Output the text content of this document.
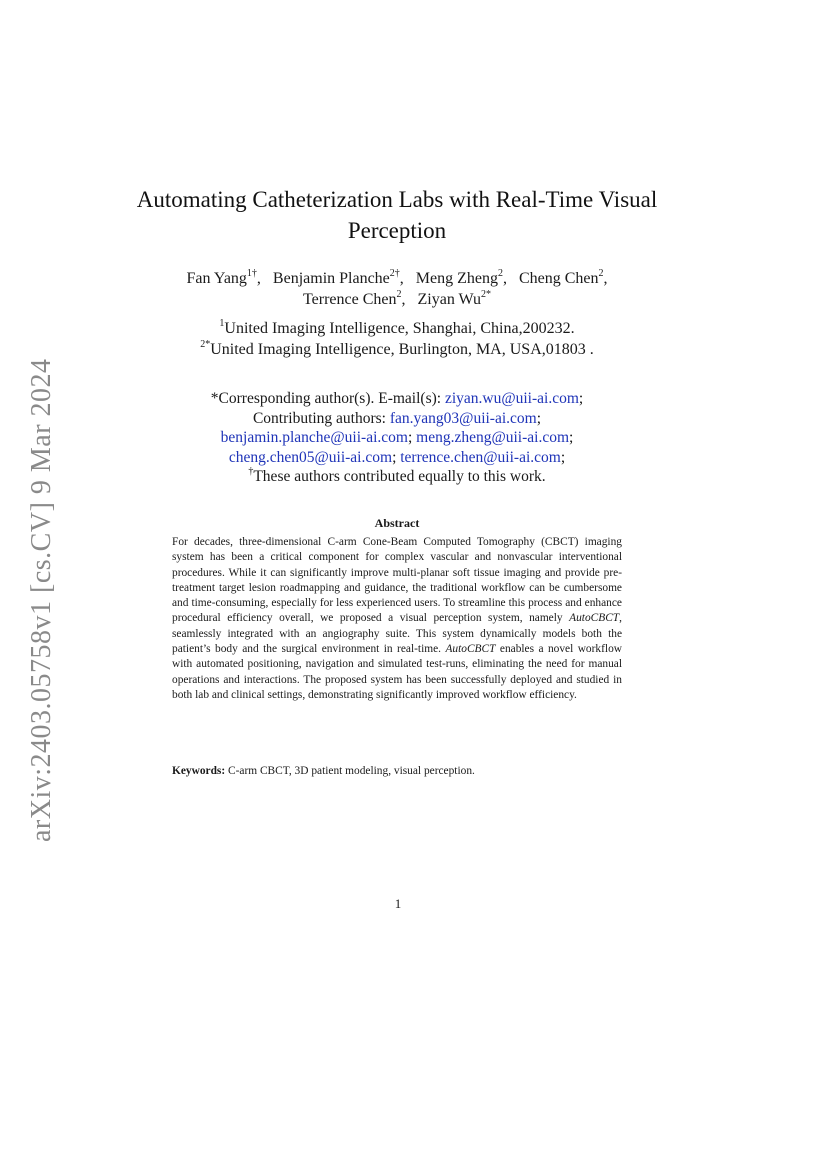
arXiv:2403.05758v1 [cs.CV] 9 Mar 2024
Automating Catheterization Labs with Real-Time Visual Perception
Fan Yang$^{1\dagger}$, Benjamin Planche$^{2\dagger}$, Meng Zheng$^2$, Cheng Chen$^2$,
Terrence Chen$^2$, Ziyan $Wu^{2*}$
$^1$United Imaging Intelligence, Shanghai, China,200232.
$^{2*}$United Imaging Intelligence, Burlington, MA, USA,01803 .
*Corresponding author(s). E-mail(s): ziyan.wu@uii-ai.com;
Contributing authors: fan.yang03@uii-ai.com;
benjamin.planche@uii-ai.com; meng.zheng@uii-ai.com;
cheng.chen05@uii-ai.com; terrence.chen@uii-ai.com;
†These authors contributed equally to this work.
Abstract
For decades, three-dimensional C-arm Cone-Beam Computed Tomography (CBCT) imaging system has been a critical component for complex vascular and nonvascular interventional procedures. While it can significantly improve multi-planar soft tissue imaging and provide pre-treatment target lesion roadmapping and guidance, the traditional workflow can be cumbersome and time-consuming, especially for less experienced users. To streamline this process and enhance procedural efficiency overall, we proposed a visual perception system, namely AutoCBCT, seamlessly integrated with an angiography suite. This system dynamically models both the patient’s body and the surgical environment in real-time. AutoCBCT enables a novel workflow with automated positioning, navigation and simulated test-runs, eliminating the need for manual operations and interactions. The proposed system has been successfully deployed and studied in both lab and clinical settings, demonstrating significantly improved workflow efficiency.
Keywords: C-arm CBCT, 3D patient modeling, visual perception.
1
